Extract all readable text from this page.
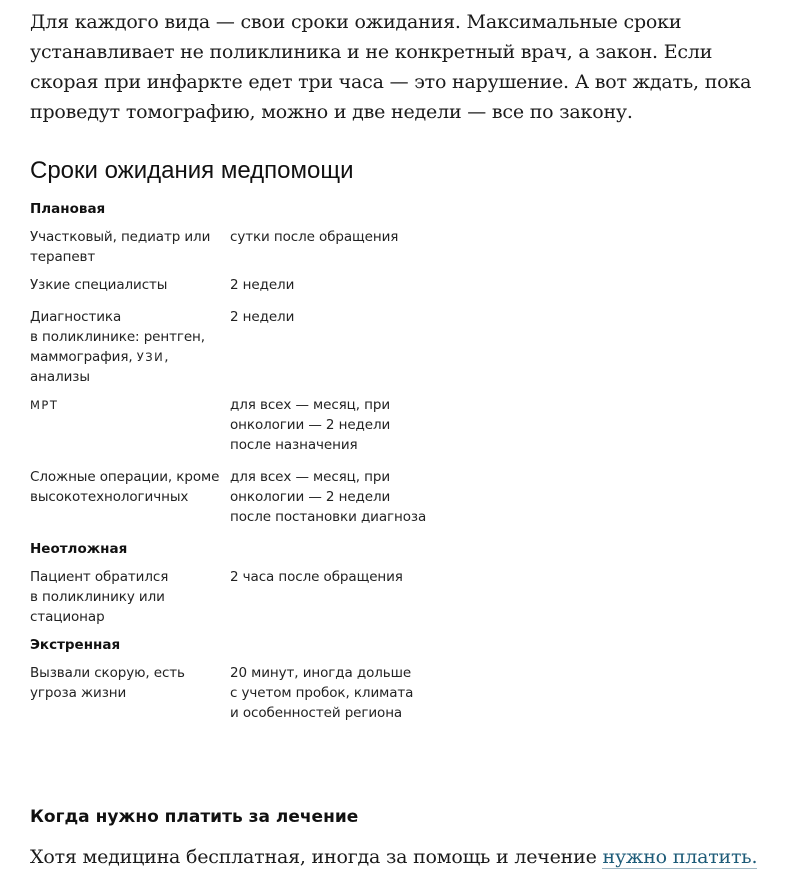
Для каждого вида — свои сроки ожидания. Максимальные сроки устанавливает не поликлиника и не конкретный врач, а закон. Если скорая при инфаркте едет три часа — это нарушение. А вот ждать, пока проведут томографию, можно и две недели — все по закону.

Сроки ожидания медпомощи
Плановая
Участковый, педиатр или терапевт
сутки после обращения
Узкие специалисты	2 недели
Диагностика
в поликлинике: рентген, маммография, УЗИ, анализы
2 недели
МРТ	для всех — месяц, при онкологии — 2 недели после назначения
Сложные операции, кроме высокотехнологичных
для всех — месяц, при онкологии — 2 недели после постановки диагноза
Неотложная
Пациент обратился
в поликлинику или стационар
2 часа после обращения
Экстренная
Вызвали скорую, есть угроза жизни
20 минут, иногда дольше
с учетом пробок, климата
и особенностей региона
Когда нужно платить за лечение

Хотя медицина бесплатная, иногда за помощь и лечение нужно платить.
